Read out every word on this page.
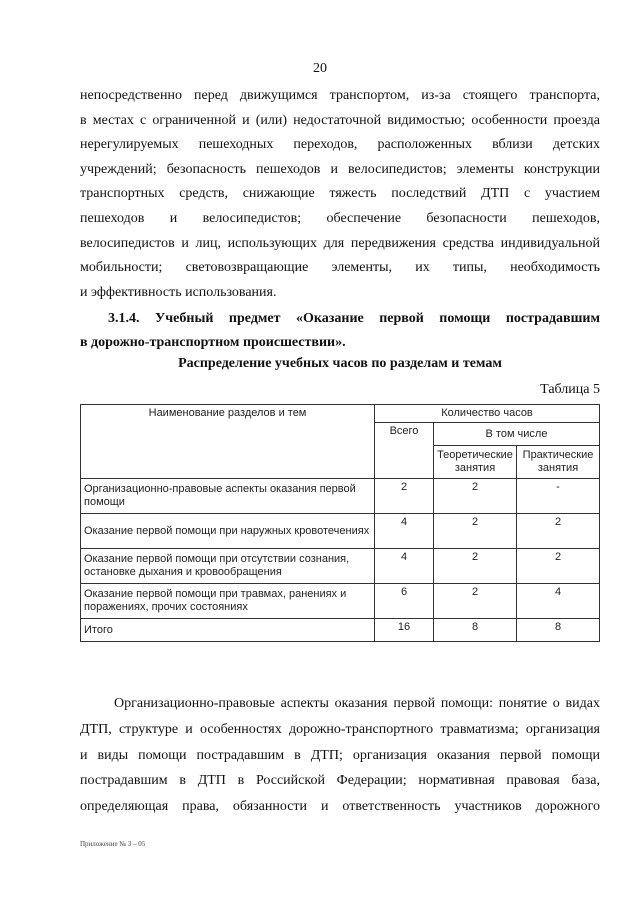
20
непосредственно перед движущимся транспортом, из-за стоящего транспорта,
в местах с ограниченной и (или) недостаточной видимостью; особенности проезда
нерегулируемых пешеходных переходов, расположенных вблизи детских
учреждений; безопасность пешеходов и велосипедистов; элементы конструкции
транспортных средств, снижающие тяжесть последствий ДТП с участием
пешеходов и велосипедистов; обеспечение безопасности пешеходов,
велосипедистов и лиц, использующих для передвижения средства индивидуальной
мобильности; световозвращающие элементы, их типы, необходимость
и эффективность использования.
3.1.4. Учебный предмет «Оказание первой помощи пострадавшим
в дорожно-транспортном происшествии».
Распределение учебных часов по разделам и темам
Таблица 5
Наименование разделов и тем	Количество часов		
	Всего	В том числе	
		Теоретические занятия	Практические занятия
Организационно-правовые аспекты оказания первой помощи	2	2	-
Оказание первой помощи при наружных кровотечениях	4	2	2
Оказание первой помощи при отсутствии сознания, остановке дыхания и кровообращения	4	2	2
Оказание первой помощи при травмах, ранениях и поражениях, прочих состояниях	6	2	4
Итого	16	8	8
Организационно-правовые аспекты оказания первой помощи: понятие о видах
ДТП, структуре и особенностях дорожно-транспортного травматизма; организация
и виды помощи пострадавшим в ДТП; организация оказания первой помощи
пострадавшим в ДТП в Российской Федерации; нормативная правовая база,
определяющая права, обязанности и ответственность участников дорожного
Приложение № 3 – 05
